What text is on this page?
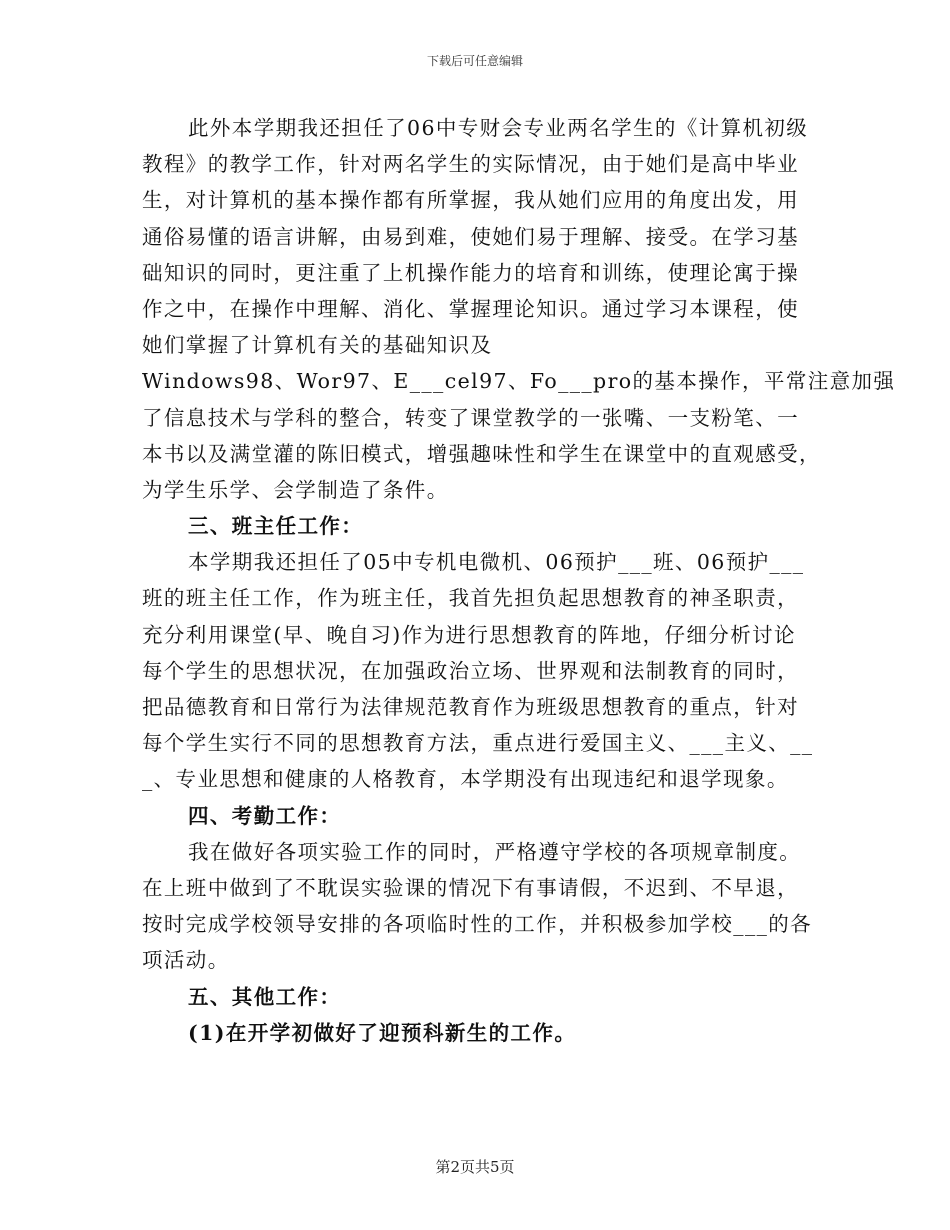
下载后可任意编辑
此外本学期我还担任了06中专财会专业两名学生的《计算机初级
教程》的教学工作，针对两名学生的实际情况，由于她们是高中毕业
生，对计算机的基本操作都有所掌握，我从她们应用的角度出发，用
通俗易懂的语言讲解，由易到难，使她们易于理解、接受。在学习基
础知识的同时，更注重了上机操作能力的培育和训练，使理论寓于操
作之中，在操作中理解、消化、掌握理论知识。通过学习本课程，使
她们掌握了计算机有关的基础知识及
Windows98、Wor97、E___cel97、Fo___pro的基本操作，平常注意加强
了信息技术与学科的整合，转变了课堂教学的一张嘴、一支粉笔、一
本书以及满堂灌的陈旧模式，增强趣味性和学生在课堂中的直观感受，
为学生乐学、会学制造了条件。
三、班主任工作：
本学期我还担任了05中专机电微机、06预护___班、06预护___
班的班主任工作，作为班主任，我首先担负起思想教育的神圣职责，
充分利用课堂(早、晚自习)作为进行思想教育的阵地，仔细分析讨论
每个学生的思想状况，在加强政治立场、世界观和法制教育的同时，
把品德教育和日常行为法律规范教育作为班级思想教育的重点，针对
每个学生实行不同的思想教育方法，重点进行爱国主义、___主义、__
_、专业思想和健康的人格教育，本学期没有出现违纪和退学现象。
四、考勤工作：
我在做好各项实验工作的同时，严格遵守学校的各项规章制度。
在上班中做到了不耽误实验课的情况下有事请假，不迟到、不早退，
按时完成学校领导安排的各项临时性的工作，并积极参加学校___的各
项活动。
五、其他工作：
(1)在开学初做好了迎预科新生的工作。
第2页共5页
